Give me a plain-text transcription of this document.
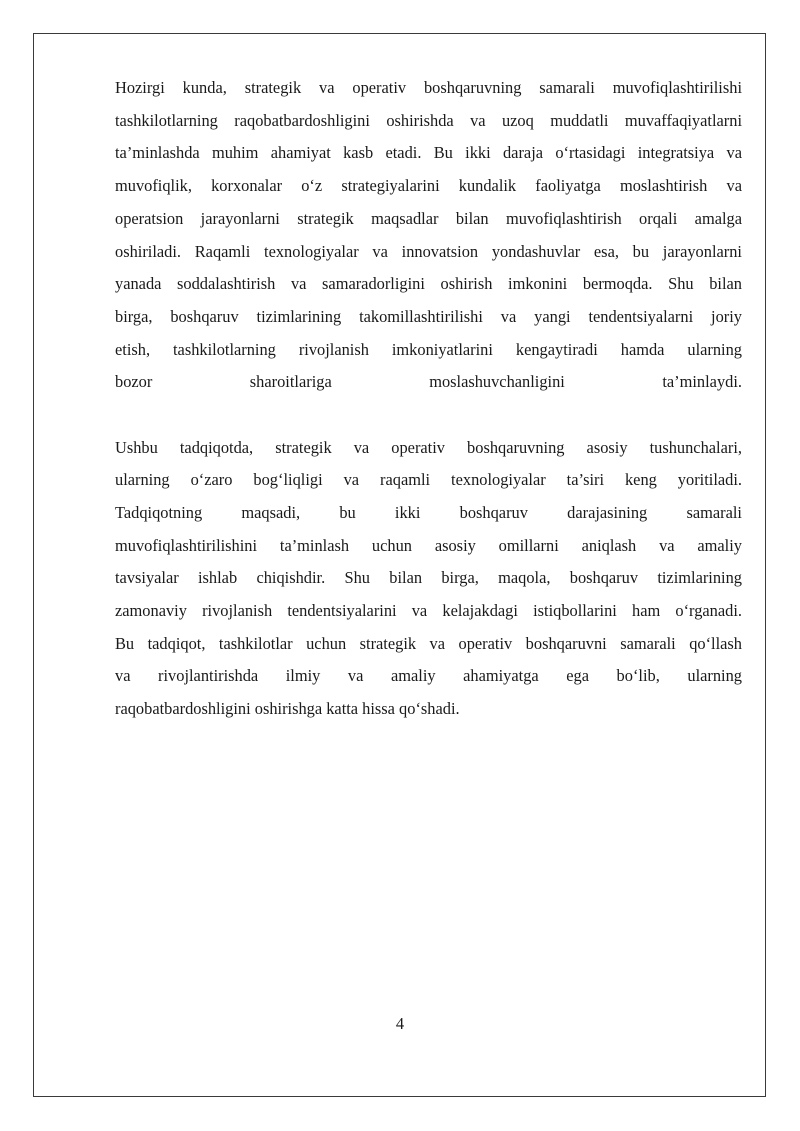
Hozirgi kunda, strategik va operativ boshqaruvning samarali muvofiqlashtirilishi
tashkilotlarning raqobatbardoshligini oshirishda va uzoq muddatli muvaffaqiyatlarni
ta’minlashda muhim ahamiyat kasb etadi. Bu ikki daraja o‘rtasidagi integratsiya va
muvofiqlik, korxonalar o‘z strategiyalarini kundalik faoliyatga moslashtirish va
operatsion jarayonlarni strategik maqsadlar bilan muvofiqlashtirish orqali amalga
oshiriladi. Raqamli texnologiyalar va innovatsion yondashuvlar esa, bu jarayonlarni
yanada soddalashtirish va samaradorligini oshirish imkonini bermoqda. Shu bilan
birga, boshqaruv tizimlarining takomillashtirilishi va yangi tendentsiyalarni joriy
etish, tashkilotlarning rivojlanish imkoniyatlarini kengaytiradi hamda ularning
bozor sharoitlariga moslashuvchanligini ta’minlaydi.
Ushbu tadqiqotda, strategik va operativ boshqaruvning asosiy tushunchalari,
ularning o‘zaro bog‘liqligi va raqamli texnologiyalar ta’siri keng yoritiladi.
Tadqiqotning maqsadi, bu ikki boshqaruv darajasining samarali
muvofiqlashtirilishini ta’minlash uchun asosiy omillarni aniqlash va amaliy
tavsiyalar ishlab chiqishdir. Shu bilan birga, maqola, boshqaruv tizimlarining
zamonaviy rivojlanish tendentsiyalarini va kelajakdagi istiqbollarini ham o‘rganadi.
Bu tadqiqot, tashkilotlar uchun strategik va operativ boshqaruvni samarali qo‘llash
va rivojlantirishda ilmiy va amaliy ahamiyatga ega bo‘lib, ularning
raqobatbardoshligini oshirishga katta hissa qo‘shadi.
4
